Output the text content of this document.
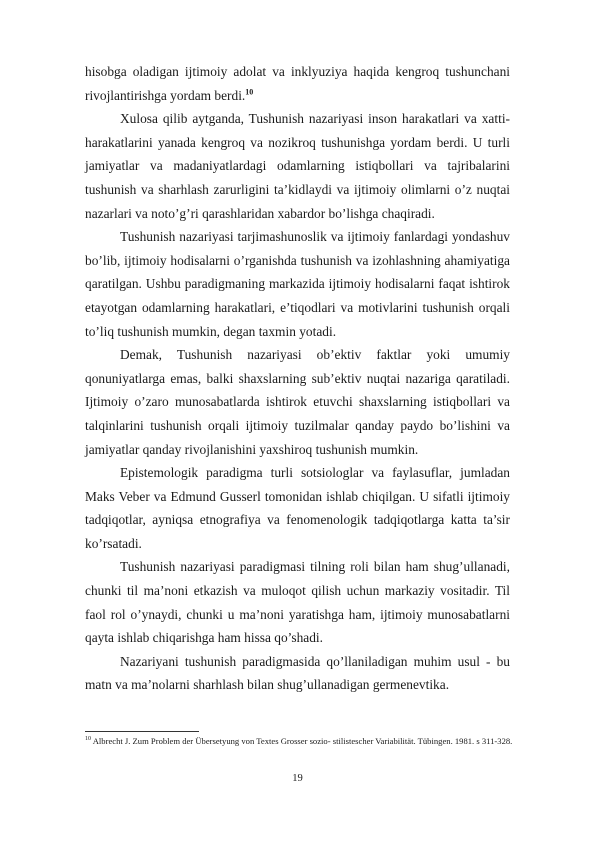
hisobga oladigan ijtimoiy adolat va inklyuziya haqida kengroq tushunchani rivojlantirishga yordam berdi.$^{10}$

Xulosa qilib aytganda, Tushunish nazariyasi inson harakatlari va xatti-harakatlarini yanada kengroq va nozikroq tushunishga yordam berdi. U turli jamiyatlar va madaniyatlardagi odamlarning istiqbollari va tajribalarini tushunish va sharhlash zarurligini ta’kidlaydi va ijtimoiy olimlarni o’z nuqtai nazarlari va noto’g’ri qarashlaridan xabardor bo’lishga chaqiradi.

Tushunish nazariyasi tarjimashunoslik va ijtimoiy fanlardagi yondashuv bo’lib, ijtimoiy hodisalarni o’rganishda tushunish va izohlashning ahamiyatiga qaratilgan. Ushbu paradigmaning markazida ijtimoiy hodisalarni faqat ishtirok etayotgan odamlarning harakatlari, e’tiqodlari va motivlarini tushunish orqali to’liq tushunish mumkin, degan taxmin yotadi.

Demak, Tushunish nazariyasi ob’ektiv faktlar yoki umumiy qonuniyatlarga emas, balki shaxslarning sub’ektiv nuqtai nazariga qaratiladi. Ijtimoiy o’zaro munosabatlarda ishtirok etuvchi shaxslarning istiqbollari va talqinlarini tushunish orqali ijtimoiy tuzilmalar qanday paydo bo’lishini va jamiyatlar qanday rivojlanishini yaxshiroq tushunish mumkin.

Epistemologik paradigma turli sotsiologlar va faylasuflar, jumladan Maks Veber va Edmund Gusserl tomonidan ishlab chiqilgan. U sifatli ijtimoiy tadqiqotlar, ayniqsa etnografiya va fenomenologik tadqiqotlarga katta ta’sir ko’rsatadi.

Tushunish nazariyasi paradigmasi tilning roli bilan ham shug’ullanadi, chunki til ma’noni etkazish va muloqot qilish uchun markaziy vositadir. Til faol rol o’ynaydi, chunki u ma’noni yaratishga ham, ijtimoiy munosabatlarni qayta ishlab chiqarishga ham hissa qo’shadi.

Nazariyani tushunish paradigmasida qo’llaniladigan muhim usul - bu matn va ma’nolarni sharhlash bilan shug’ullanadigan germenevtika.

$^{10}$ Albrecht J. Zum Problem der Übersetyung von Textes Grosser sozio- stilistescher Variabilität. Tübingen. 1981. s 311-328.
19
